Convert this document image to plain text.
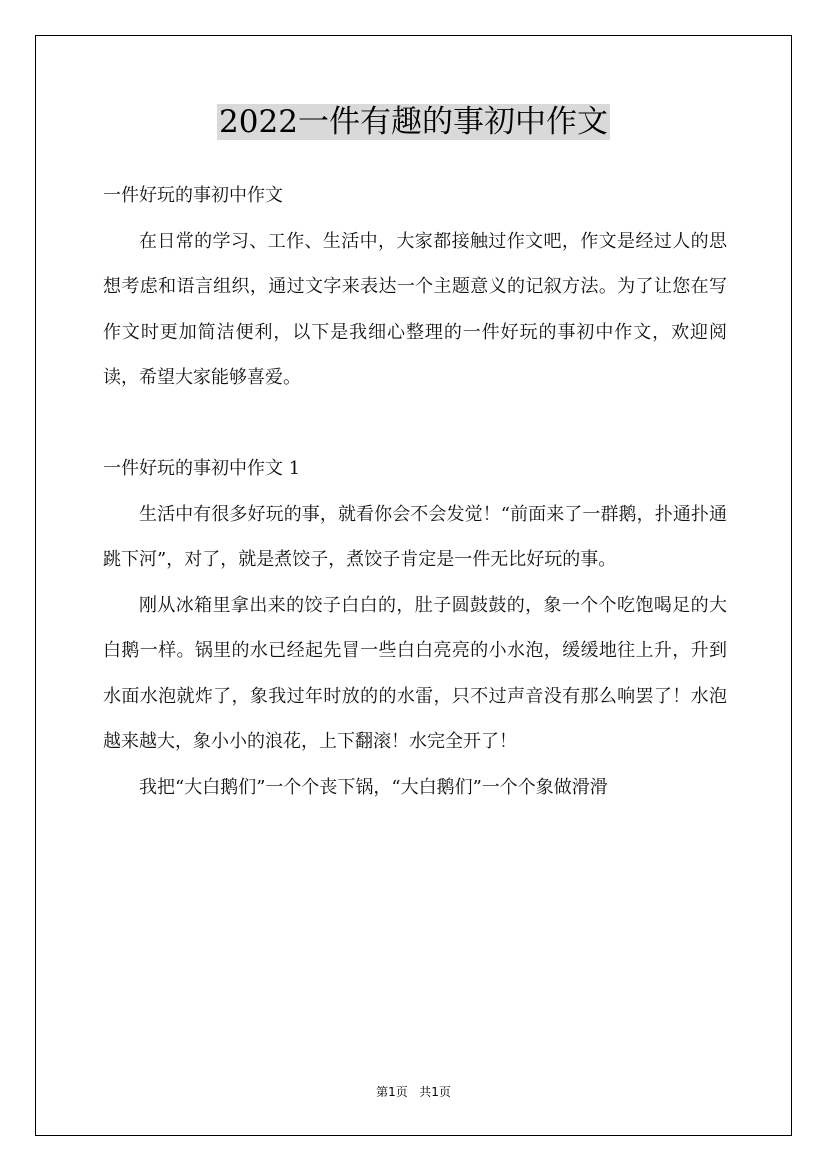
2022一件有趣的事初中作文

一件好玩的事初中作文

在日常的学习、工作、生活中，大家都接触过作文吧，作文是经过人的思想考虑和语言组织，通过文字来表达一个主题意义的记叙方法。为了让您在写作文时更加简洁便利，以下是我细心整理的一件好玩的事初中作文，欢迎阅读，希望大家能够喜爱。

一件好玩的事初中作文 1

生活中有很多好玩的事，就看你会不会发觉！“前面来了一群鹅，扑通扑通跳下河”，对了，就是煮饺子，煮饺子肯定是一件无比好玩的事。

刚从冰箱里拿出来的饺子白白的，肚子圆鼓鼓的，象一个个吃饱喝足的大白鹅一样。锅里的水已经起先冒一些白白亮亮的小水泡，缓缓地往上升，升到水面水泡就炸了，象我过年时放的的水雷，只不过声音没有那么响罢了！水泡越来越大，象小小的浪花，上下翻滚！水完全开了！

我把“大白鹅们”一个个丧下锅，“大白鹅们”一个个象做滑滑

第1页 共1页
